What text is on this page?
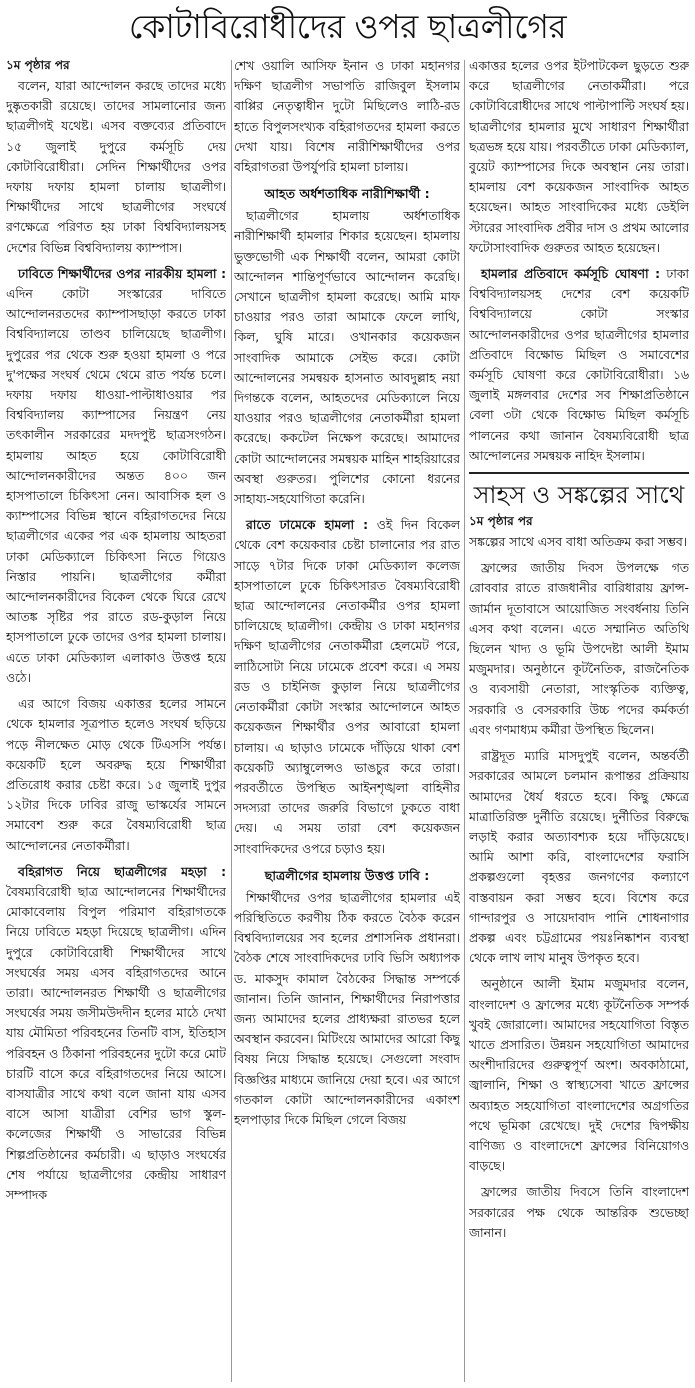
কোটাবিরোধীদের ওপর ছাত্রলীগের
১ম পৃষ্ঠার পর

বলেন, যারা আন্দোলন করছে তাদের মধ্যে দুষ্কৃতকারী রয়েছে। তাদের সামলানোর জন্য ছাত্রলীগই যথেষ্ট। এসব বক্তব্যের প্রতিবাদে ১৫ জুলাই দুপুরে কর্মসূচি দেয় কোটাবিরোধীরা। সেদিন শিক্ষার্থীদের ওপর দফায় দফায় হামলা চালায় ছাত্রলীগ। শিক্ষার্থীদের সাথে ছাত্রলীগের সংঘর্ষে রণক্ষেত্রে পরিণত হয় ঢাকা বিশ্ববিদ্যালয়সহ দেশের বিভিন্ন বিশ্ববিদ্যালয় ক্যাম্পাস।

ঢাবিতে শিক্ষার্থীদের ওপর নারকীয় হামলা : এদিন কোটা সংস্কারের দাবিতে আন্দোলনরতদের ক্যাম্পাসছাড়া করতে ঢাকা বিশ্ববিদ্যালয়ে তাণ্ডব চালিয়েছে ছাত্রলীগ। দুপুরের পর থেকে শুরু হওয়া হামলা ও পরে দু'পক্ষের সংঘর্ষ থেমে থেমে রাত পর্যন্ত চলে। দফায় দফায় ধাওয়া-পাল্টাধাওয়ার পর বিশ্ববিদ্যালয় ক্যাম্পাসের নিয়ন্ত্রণ নেয় তৎকালীন সরকারের মদদপুষ্ট ছাত্রসংগঠন। হামলায় আহত হয়ে কোটাবিরোধী আন্দোলনকারীদের অন্তত ৪০০ জন হাসপাতালে চিকিৎসা নেন। আবাসিক হল ও ক্যাম্পাসের বিভিন্ন স্থানে বহিরাগতদের নিয়ে ছাত্রলীগের একের পর এক হামলায় আহতরা ঢাকা মেডিক্যালে চিকিৎসা নিতে গিয়েও নিস্তার পায়নি। ছাত্রলীগের কর্মীরা আন্দোলনকারীদের বিকেল থেকে ঘিরে রেখে আতঙ্ক সৃষ্টির পর রাতে রড-কুড়াল নিয়ে হাসপাতালে ঢুকে তাদের ওপর হামলা চালায়। এতে ঢাকা মেডিক্যাল এলাকাও উত্তপ্ত হয়ে ওঠে।

এর আগে বিজয় একাত্তর হলের সামনে থেকে হামলার সূত্রপাত হলেও সংঘর্ষ ছড়িয়ে পড়ে নীলক্ষেত মোড় থেকে টিএসসি পর্যন্ত। কয়েকটি হলে অবরুদ্ধ হয়ে শিক্ষার্থীরা প্রতিরোধ করার চেষ্টা করে। ১৫ জুলাই দুপুর ১২টার দিকে ঢাবির রাজু ভাস্কর্যের সামনে সমাবেশ শুরু করে বৈষম্যবিরোধী ছাত্র আন্দোলনের নেতাকর্মীরা।

বহিরাগত নিয়ে ছাত্রলীগের মহড়া : বৈষম্যবিরোধী ছাত্র আন্দোলনের শিক্ষার্থীদের মোকাবেলায় বিপুল পরিমাণ বহিরাগতকে নিয়ে ঢাবিতে মহড়া দিয়েছে ছাত্রলীগ। এদিন দুপুরে কোটাবিরোধী শিক্ষার্থীদের সাথে সংঘর্ষের সময় এসব বহিরাগতদের আনে তারা। আন্দোলনরত শিক্ষার্থী ও ছাত্রলীগের সংঘর্ষের সময় জসীমউদদীন হলের মাঠে দেখা যায় মৌমিতা পরিবহনের তিনটি বাস, ইতিহাস পরিবহন ও ঠিকানা পরিবহনের দুটো করে মোট চারটি বাসে করে বহিরাগতদের নিয়ে আসে। বাসযাত্রীর সাথে কথা বলে জানা যায় এসব বাসে আসা যাত্রীরা বেশির ভাগ স্কুল-কলেজের শিক্ষার্থী ও সাভারের বিভিন্ন শিল্পপ্রতিষ্ঠানের কর্মচারী। এ ছাড়াও সংঘর্ষের শেষ পর্যায়ে ছাত্রলীগের কেন্দ্রীয় সাধারণ সম্পাদক

শেখ ওয়ালি আসিফ ইনান ও ঢাকা মহানগর দক্ষিণ ছাত্রলীগ সভাপতি রাজিবুল ইসলাম বাপ্পির নেতৃত্বাধীন দুটো মিছিলেও লাঠি-রড হাতে বিপুলসংখ্যক বহিরাগতদের হামলা করতে দেখা যায়। বিশেষ নারীশিক্ষার্থীদের ওপর বহিরাগতরা উপর্যুপরি হামলা চালায়।

আহত অর্ধশতাধিক নারীশিক্ষার্থী :

ছাত্রলীগের হামলায় অর্ধশতাধিক নারীশিক্ষার্থী হামলার শিকার হয়েছেন। হামলায় ভুক্তভোগী এক শিক্ষার্থী বলেন, আমরা কোটা আন্দোলন শান্তিপূর্ণভাবে আন্দোলন করেছি। সেখানে ছাত্রলীগ হামলা করেছে। আমি মাফ চাওয়ার পরও তারা আমাকে ফেলে লাথি, কিল, ঘুষি মারে। ওখানকার কয়েকজন সাংবাদিক আমাকে সেইভ করে। কোটা আন্দোলনের সমন্বয়ক হাসনাত আবদুল্লাহ নয়া দিগন্তকে বলেন, আহতদের মেডিক্যালে নিয়ে যাওয়ার পরও ছাত্রলীগের নেতাকর্মীরা হামলা করেছে। ককটেল নিক্ষেপ করেছে। আমাদের কোটা আন্দোলনের সমন্বয়ক মাহিন শাহরিয়ারের অবস্থা গুরুতর। পুলিশের কোনো ধরনের সাহায্য-সহযোগিতা করেনি।

রাতে ঢামেকে হামলা : ওই দিন বিকেল থেকে বেশ কয়েকবার চেষ্টা চালানোর পর রাত সাড়ে ৭টার দিকে ঢাকা মেডিক্যাল কলেজ হাসপাতালে ঢুকে চিকিৎসারত বৈষম্যবিরোধী ছাত্র আন্দোলনের নেতাকর্মীর ওপর হামলা চালিয়েছে ছাত্রলীগ। কেন্দ্রীয় ও ঢাকা মহানগর দক্ষিণ ছাত্রলীগের নেতাকর্মীরা হেলমেট পরে, লাঠিসোটা নিয়ে ঢামেকে প্রবেশ করে। এ সময় রড ও চাইনিজ কুড়াল নিয়ে ছাত্রলীগের নেতাকর্মীরা কোটা সংস্কার আন্দোলনে আহত কয়েকজন শিক্ষার্থীর ওপর আবারো হামলা চালায়। এ ছাড়াও ঢামেকে দাঁড়িয়ে থাকা বেশ কয়েকটি অ্যাম্বুলেন্সও ভাঙচুর করে তারা। পরবর্তীতে উপস্থিত আইনশৃঙ্খলা বাহিনীর সদস্যরা তাদের জরুরি বিভাগে ঢুকতে বাধা দেয়। এ সময় তারা বেশ কয়েকজন সাংবাদিকদের ওপরে চড়াও হয়।

ছাত্রলীগের হামলায় উত্তপ্ত ঢাবি :

শিক্ষার্থীদের ওপর ছাত্রলীগের হামলার এই পরিস্থিতিতে করণীয় ঠিক করতে বৈঠক করেন বিশ্ববিদ্যালয়ের সব হলের প্রশাসনিক প্রধানরা। বৈঠক শেষে সাংবাদিকদের ঢাবি ভিসি অধ্যাপক ড. মাকসুদ কামাল বৈঠকের সিদ্ধান্ত সম্পর্কে জানান। তিনি জানান, শিক্ষার্থীদের নিরাপত্তার জন্য আমাদের হলের প্রাধ্যক্ষরা রাতভর হলে অবস্থান করবেন। মিটিংয়ে আমাদের আরো কিছু বিষয় নিয়ে সিদ্ধান্ত হয়েছে। সেগুলো সংবাদ বিজ্ঞপ্তির মাধ্যমে জানিয়ে দেয়া হবে। এর আগে গতকাল কোটা আন্দোলনকারীদের একাংশ হলপাড়ার দিকে মিছিল গেলে বিজয়

একাত্তর হলের ওপর ইটপাটকেল ছুড়তে শুরু করে ছাত্রলীগের নেতাকর্মীরা। পরে কোটাবিরোধীদের সাথে পাল্টাপাল্টি সংঘর্ষ হয়। ছাত্রলীগের হামলার মুখে সাধারণ শিক্ষার্থীরা ছত্রভঙ্গ হয়ে যায়। পরবর্তীতে ঢাকা মেডিক্যাল, বুয়েট ক্যাম্পাসের দিকে অবস্থান নেয় তারা। হামলায় বেশ কয়েকজন সাংবাদিক আহত হয়েছেন। আহত সাংবাদিকের মধ্যে ডেইলি স্টারের সাংবাদিক প্রবীর দাস ও প্রথম আলোর ফটোসাংবাদিক গুরুতর আহত হয়েছেন।

হামলার প্রতিবাদে কর্মসূচি ঘোষণা : ঢাকা বিশ্ববিদ্যালয়সহ দেশের বেশ কয়েকটি বিশ্ববিদ্যালয়ে কোটা সংস্কার আন্দোলনকারীদের ওপর ছাত্রলীগের হামলার প্রতিবাদে বিক্ষোভ মিছিল ও সমাবেশের কর্মসূচি ঘোষণা করে কোটাবিরোধীরা। ১৬ জুলাই মঙ্গলবার দেশের সব শিক্ষাপ্রতিষ্ঠানে বেলা ৩টা থেকে বিক্ষোভ মিছিল কর্মসূচি পালনের কথা জানান বৈষম্যবিরোধী ছাত্র আন্দোলনের সমন্বয়ক নাহিদ ইসলাম।

সাহস ও সঙ্কল্পের সাথে
১ম পৃষ্ঠার পর

সঙ্কল্পের সাথে এসব বাধা অতিক্রম করা সম্ভব।

ফ্রান্সের জাতীয় দিবস উপলক্ষে গত রোববার রাতে রাজধানীর বারিধারায় ফ্রান্স-জার্মান দূতাবাসে আয়োজিত সংবর্ধনায় তিনি এসব কথা বলেন। এতে সম্মানিত অতিথি ছিলেন খাদ্য ও ভূমি উপদেষ্টা আলী ইমাম মজুমদার। অনুষ্ঠানে কূটনৈতিক, রাজনৈতিক ও ব্যবসায়ী নেতারা, সাংস্কৃতিক ব্যক্তিত্ব, সরকারি ও বেসরকারি উচ্চ পদের কর্মকর্তা এবং গণমাধ্যম কর্মীরা উপস্থিত ছিলেন।

রাষ্ট্রদূত ম্যারি মাসদুপুই বলেন, অন্তর্বর্তী সরকারের আমলে চলমান রূপান্তর প্রক্রিয়ায় আমাদের ধৈর্য ধরতে হবে। কিছু ক্ষেত্রে মাত্রাতিরিক্ত দুর্নীতি রয়েছে। দুর্নীতির বিরুদ্ধে লড়াই করার অত্যাবশ্যক হয়ে দাঁড়িয়েছে। আমি আশা করি, বাংলাদেশের ফরাসি প্রকল্পগুলো বৃহত্তর জনগণের কল্যাণে বাস্তবায়ন করা সম্ভব হবে। বিশেষ করে গান্দারপুর ও সায়েদাবাদ পানি শোধনাগার প্রকল্প এবং চট্টগ্রামের পয়ঃনিষ্কাশন ব্যবস্থা থেকে লাখ লাখ মানুষ উপকৃত হবে।

অনুষ্ঠানে আলী ইমাম মজুমদার বলেন, বাংলাদেশ ও ফ্রান্সের মধ্যে কূটনৈতিক সম্পর্ক খুবই জোরালো। আমাদের সহযোগিতা বিস্তৃত খাতে প্রসারিত। উন্নয়ন সহযোগিতা আমাদের অংশীদারিদের গুরুত্বপূর্ণ অংশ। অবকাঠামো, জ্বালানি, শিক্ষা ও স্বাস্থ্যসেবা খাতে ফ্রান্সের অব্যাহত সহযোগিতা বাংলাদেশের অগ্রগতির পথে ভূমিকা রেখেছে। দুই দেশের দ্বিপক্ষীয় বাণিজ্য ও বাংলাদেশে ফ্রান্সের বিনিয়োগও বাড়ছে।

ফ্রান্সের জাতীয় দিবসে তিনি বাংলাদেশ সরকারের পক্ষ থেকে আন্তরিক শুভেচ্ছা জানান।
